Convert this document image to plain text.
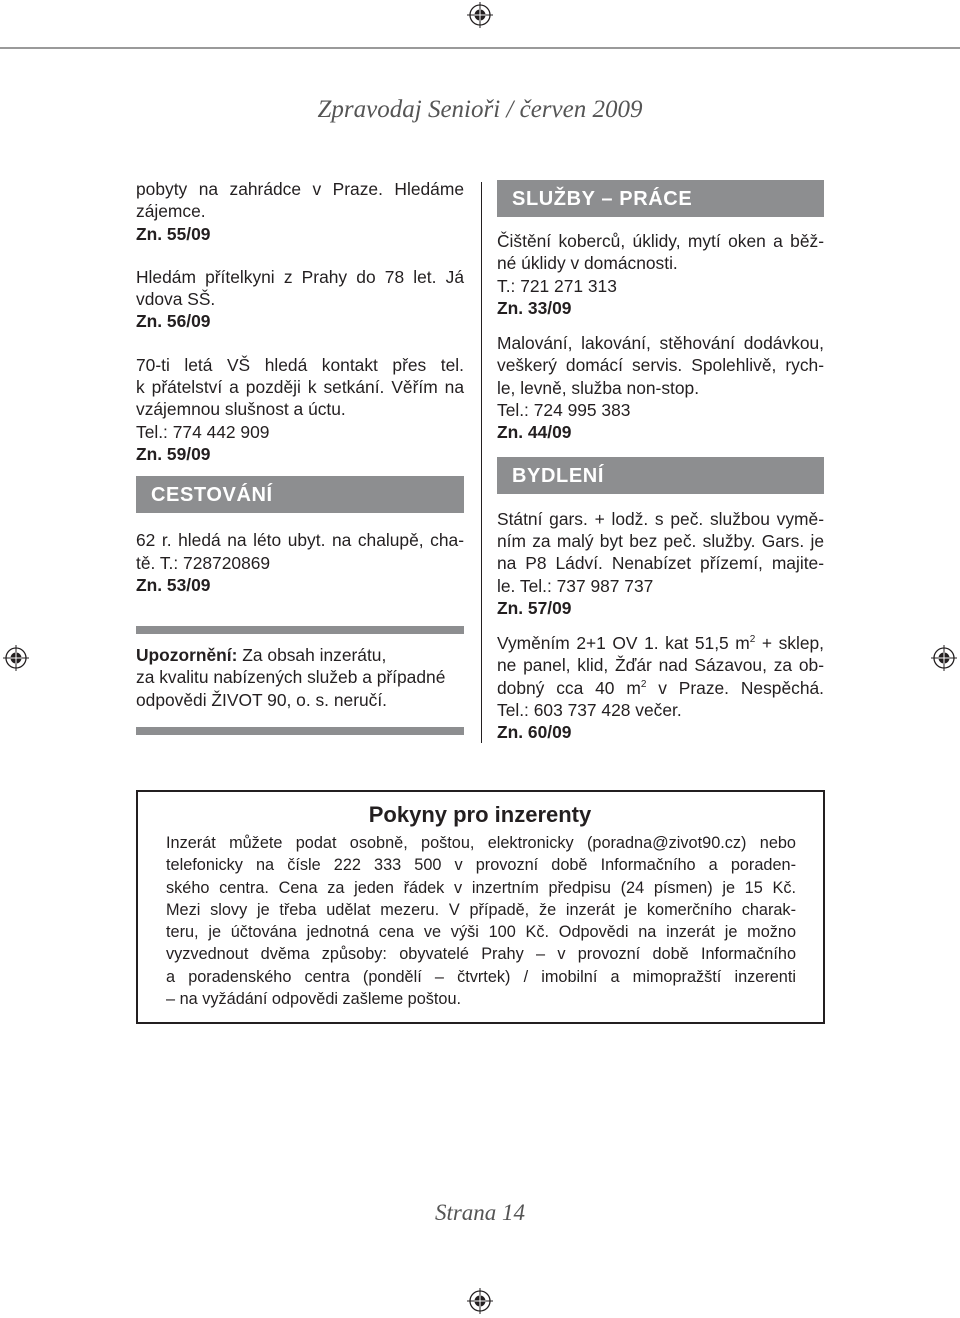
Zpravodaj Senioři / červen 2009

pobyty na zahrádce v Praze. Hledáme

zájemce.

Zn. 55/09

Hledám přítelkyni z Prahy do 78 let. Já

vdova SŠ.

Zn. 56/09

70-ti letá VŠ hledá kontakt přes tel.

k přátelství a později k setkání. Věřím na

vzájemnou slušnost a úctu.

Tel.: 774 442 909

Zn. 59/09

CESTOVÁNÍ

62 r. hledá na léto ubyt. na chalupě, cha-

tě. T.: 728720869

Zn. 53/09

Upozornění: Za obsah inzerátu,

za kvalitu nabízených služeb a případné

odpovědi ŽIVOT 90, o. s. neručí.

SLUŽBY – PRÁCE

Čištění koberců, úklidy, mytí oken a běž-

né úklidy v domácnosti.

T.: 721 271 313

Zn. 33/09

Malování, lakování, stěhování dodávkou,

veškerý domácí servis. Spolehlivě, rych-

le, levně, služba non-stop.

Tel.: 724 995 383

Zn. 44/09

BYDLENÍ

Státní gars. + lodž. s peč. službou vymě-

ním za malý byt bez peč. služby. Gars. je

na P8 Ládví. Nenabízet přízemí, majite-

le. Tel.: 737 987 737

Zn. 57/09

Vyměním 2+1 OV 1. kat 51,5 $m^2$ + sklep,

ne panel, klid, Žďár nad Sázavou, za ob-

dobný cca 40 $m^2$ v Praze. Nespěchá.

Tel.: 603 737 428 večer.

Zn. 60/09

Pokyny pro inzerenty

Inzerát můžete podat osobně, poštou, elektronicky (poradna@zivot90.cz) nebo

telefonicky na čísle 222 333 500 v provozní době Informačního a poraden-

ského centra. Cena za jeden řádek v inzertním předpisu (24 písmen) je 15 Kč.

Mezi slovy je třeba udělat mezeru. V případě, že inzerát je komerčního charak-

teru, je účtována jednotná cena ve výši 100 Kč. Odpovědi na inzerát je možno

vyzvednout dvěma způsoby: obyvatelé Prahy – v provozní době Informačního

a poradenského centra (pondělí – čtvrtek) / imobilní a mimopražští inzerenti

– na vyžádání odpovědi zašleme poštou.

Strana 14
